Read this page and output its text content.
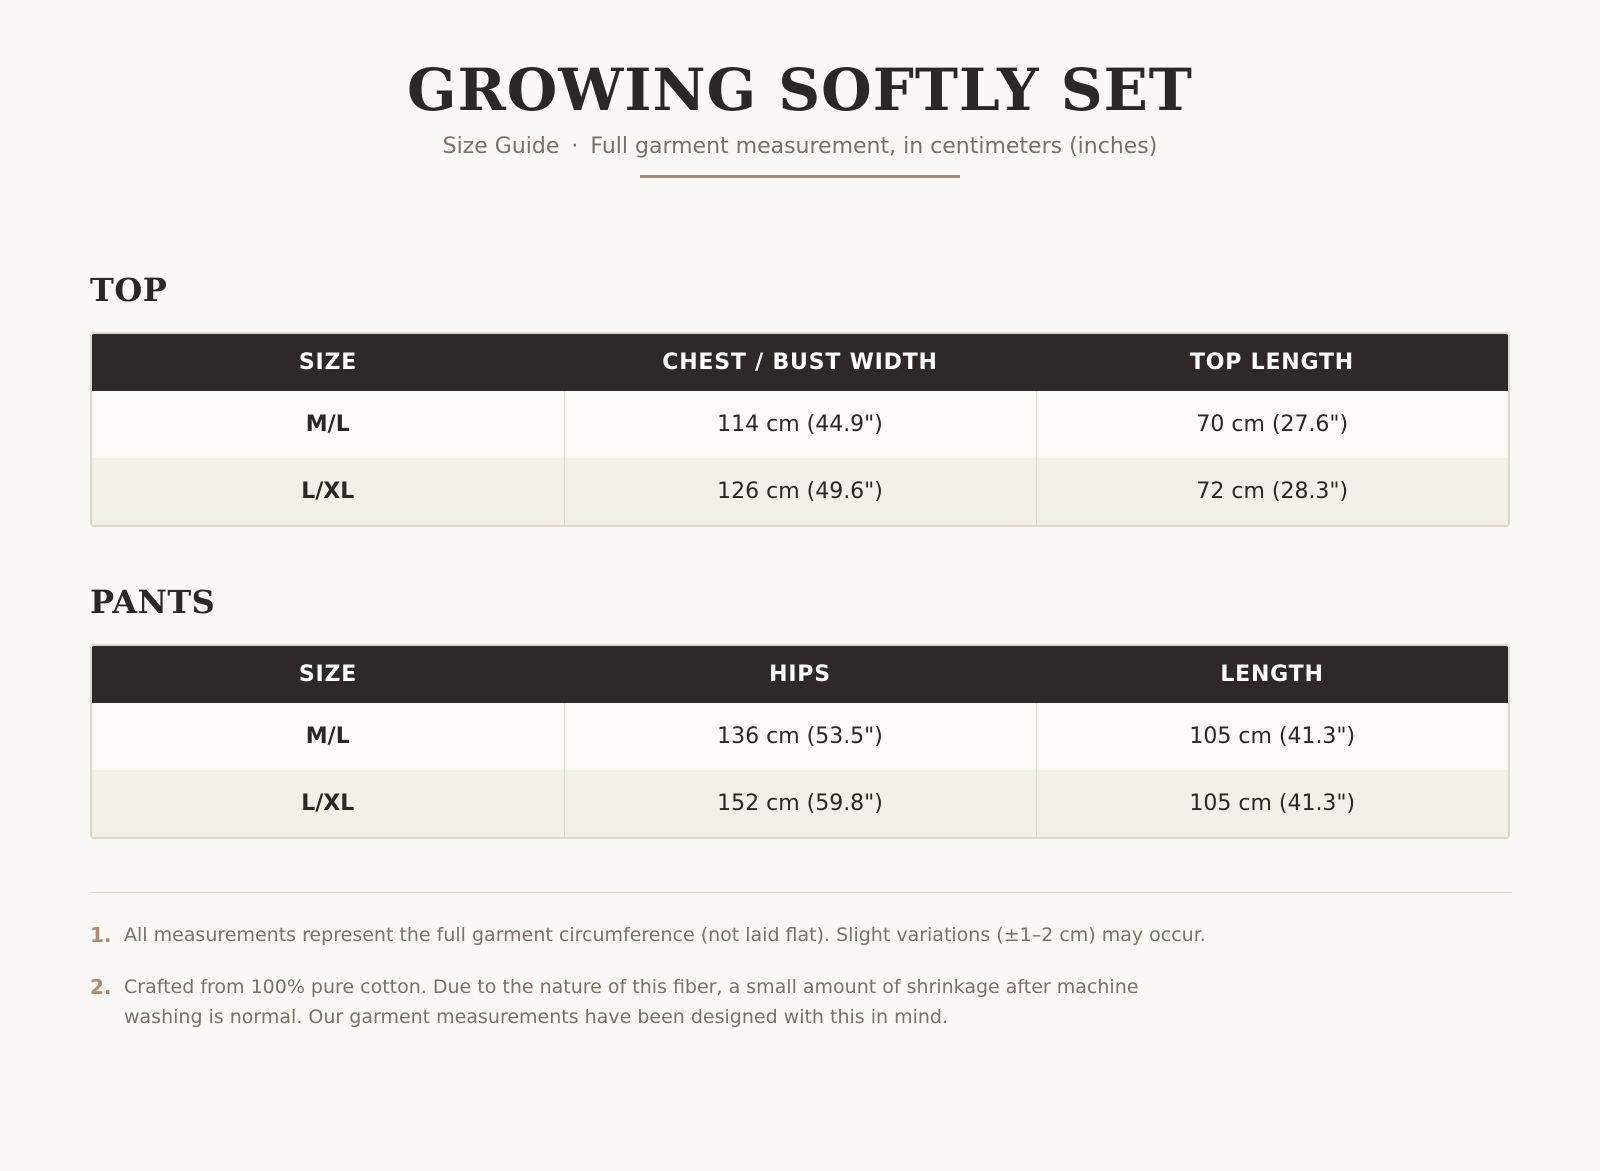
GROWING SOFTLY SET
Size Guide · Full garment measurement, in centimeters (inches)
TOP
SIZE	CHEST / BUST WIDTH	TOP LENGTH
M/L	114 cm (44.9")	70 cm (27.6")
L/XL	126 cm (49.6")	72 cm (28.3")
PANTS
SIZE	HIPS	LENGTH
M/L	136 cm (53.5")	105 cm (41.3")
L/XL	152 cm (59.8")	105 cm (41.3")
1. All measurements represent the full garment circumference (not laid flat). Slight variations (±1–2 cm) may occur.
2. Crafted from 100% pure cotton. Due to the nature of this fiber, a small amount of shrinkage after machine washing is normal. Our garment measurements have been designed with this in mind.
